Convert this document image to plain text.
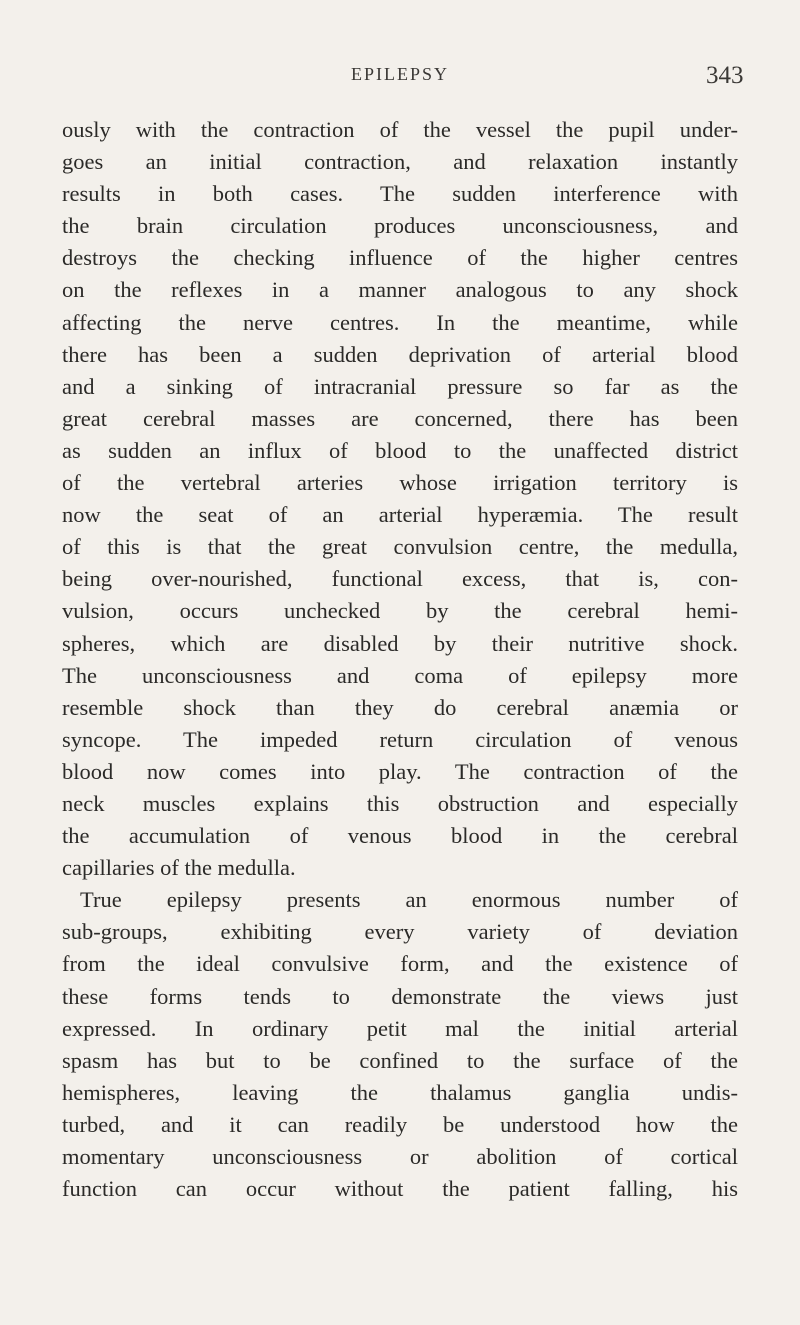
EPILEPSY	343
ously with the contraction of the vessel the pupil under-
goes an initial contraction, and relaxation instantly
results in both cases. The sudden interference with
the brain circulation produces unconsciousness, and
destroys the checking influence of the higher centres
on the reflexes in a manner analogous to any shock
affecting the nerve centres. In the meantime, while
there has been a sudden deprivation of arterial blood
and a sinking of intracranial pressure so far as the
great cerebral masses are concerned, there has been
as sudden an influx of blood to the unaffected district
of the vertebral arteries whose irrigation territory is
now the seat of an arterial hyperæmia. The result
of this is that the great convulsion centre, the medulla,
being over-nourished, functional excess, that is, con-
vulsion, occurs unchecked by the cerebral hemi-
spheres, which are disabled by their nutritive shock.
The unconsciousness and coma of epilepsy more
resemble shock than they do cerebral anæmia or
syncope. The impeded return circulation of venous
blood now comes into play. The contraction of the
neck muscles explains this obstruction and especially
the accumulation of venous blood in the cerebral
capillaries of the medulla.
True epilepsy presents an enormous number of
sub-groups, exhibiting every variety of deviation
from the ideal convulsive form, and the existence of
these forms tends to demonstrate the views just
expressed. In ordinary petit mal the initial arterial
spasm has but to be confined to the surface of the
hemispheres, leaving the thalamus ganglia undis-
turbed, and it can readily be understood how the
momentary unconsciousness or abolition of cortical
function can occur without the patient falling, his
